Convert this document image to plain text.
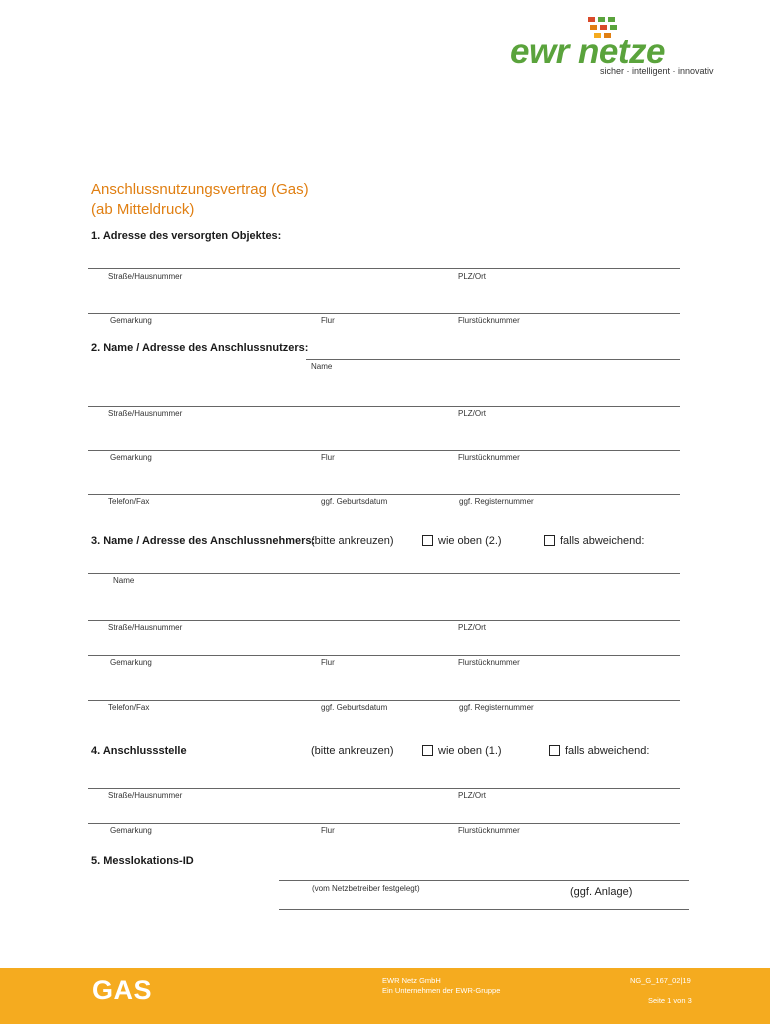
ewr netze
sicher · intelligent · innovativ
Anschlussnutzungsvertrag (Gas)
(ab Mitteldruck)
1. Adresse des versorgten Objektes:
Straße/Hausnummer	PLZ/Ort
Gemarkung	Flur	Flurstücknummer
2. Name / Adresse des Anschlussnutzers:
Name
Straße/Hausnummer	PLZ/Ort
Gemarkung	Flur	Flurstücknummer
Telefon/Fax	ggf. Geburtsdatum	ggf. Registernummer
3. Name / Adresse des Anschlussnehmers:
(bitte ankreuzen)	wie oben (2.)	falls abweichend:
Name
Straße/Hausnummer	PLZ/Ort
Gemarkung	Flur	Flurstücknummer
Telefon/Fax	ggf. Geburtsdatum	ggf. Registernummer
4. Anschlussstelle	(bitte ankreuzen)	wie oben (1.)	falls abweichend:
Straße/Hausnummer	PLZ/Ort
Gemarkung	Flur	Flurstücknummer
5. Messlokations-ID
(vom Netzbetreiber festgelegt)	(ggf. Anlage)
GAS	EWR Netz GmbH
Ein Unternehmen der EWR-Gruppe
NG_G_167_02|19
Seite 1 von 3
